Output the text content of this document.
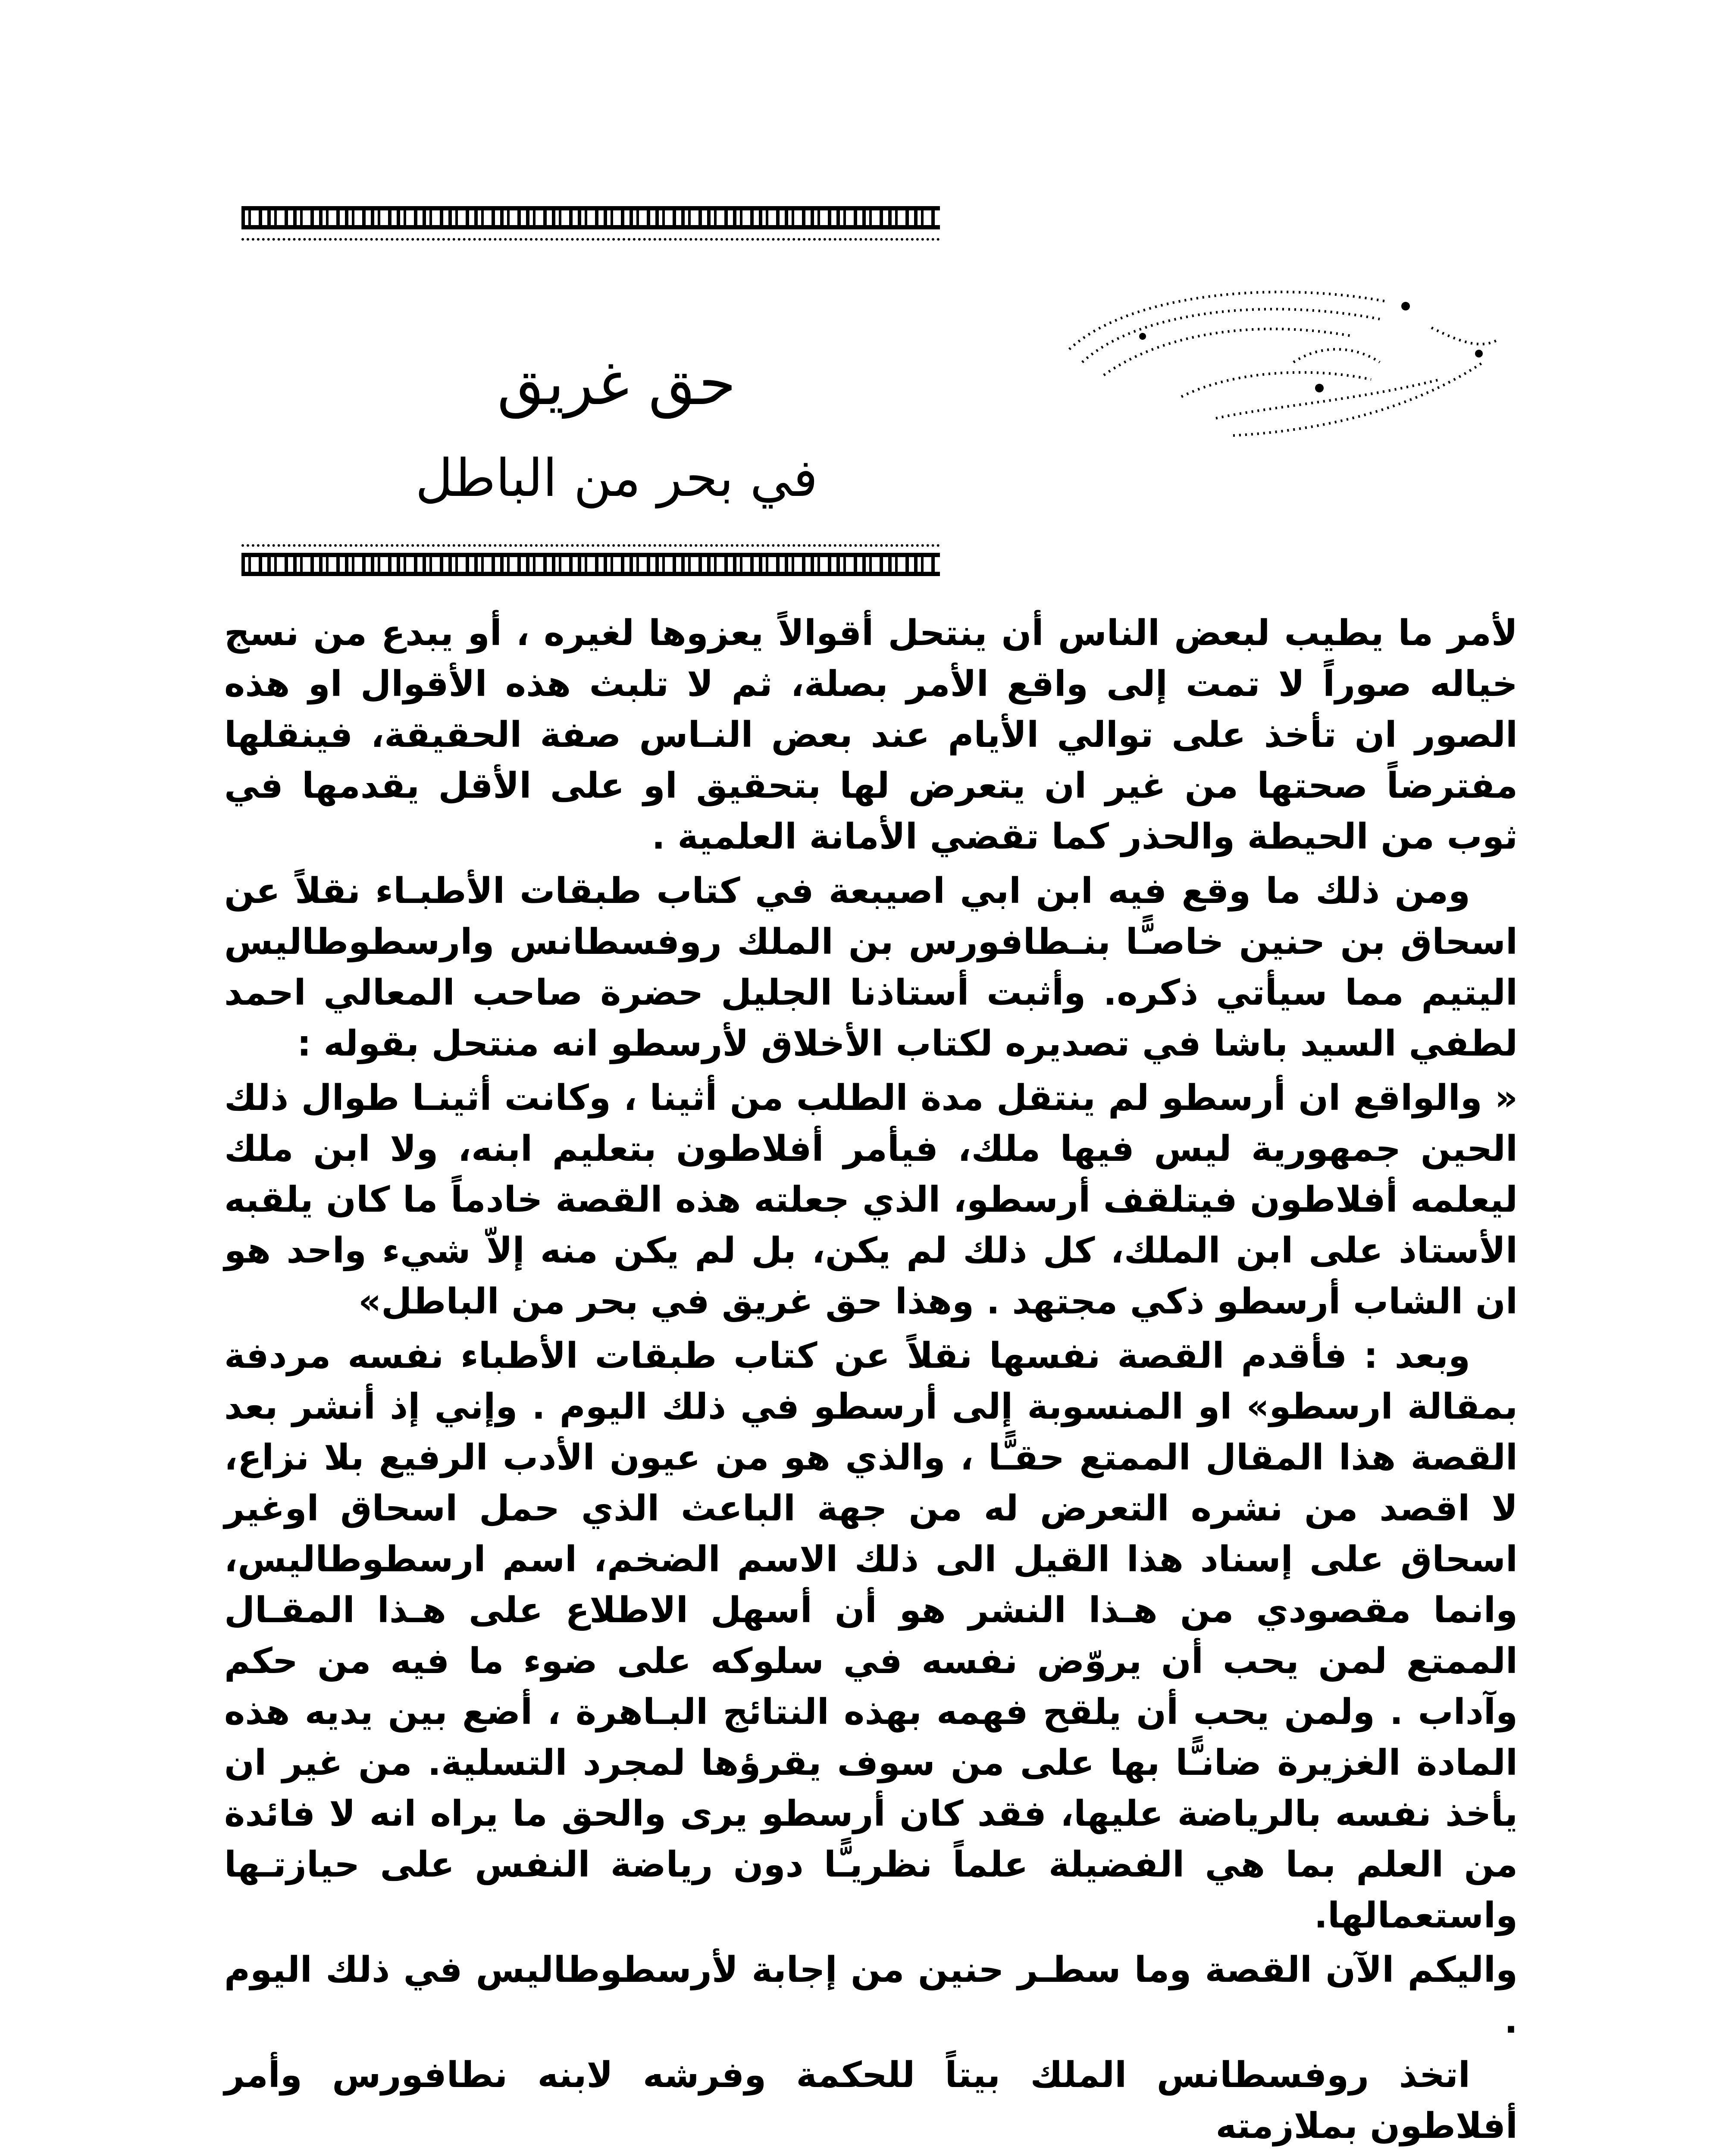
حق غريق
في بحر من الباطل

لأمر ما يطيب لبعض الناس أن ينتحل أقوالاً يعزوها لغيره ، أو يبدع من نسج خياله صوراً لا تمت إلى واقع الأمر بصلة، ثم لا تلبث هذه الأقوال او هذه الصور ان تأخذ على توالي الأيام عند بعض النـاس صفة الحقيقة، فينقلها مفترضاً صحتها من غير ان يتعرض لها بتحقيق او على الأقل يقدمها في ثوب من الحيطة والحذر كما تقضي الأمانة العلمية .

ومن ذلك ما وقع فيه ابن ابي اصيبعة في كتاب طبقات الأطبـاء نقلاً عن اسحاق بن حنين خاصـًّا بنـطافورس بن الملك روفسطانس وارسطوطاليس اليتيم مما سيأتي ذكره. وأثبت أستاذنا الجليل حضرة صاحب المعالي احمد لطفي السيد باشا في تصديره لكتاب الأخلاق لأرسطو انه منتحل بقوله :

« والواقع ان أرسطو لم ينتقل مدة الطلب من أثينا ، وكانت أثينـا طوال ذلك الحين جمهورية ليس فيها ملك، فيأمر أفلاطون بتعليم ابنه، ولا ابن ملك ليعلمه أفلاطون فيتلقف أرسطو، الذي جعلته هذه القصة خادماً ما كان يلقبه الأستاذ على ابن الملك، كل ذلك لم يكن، بل لم يكن منه إلاّ شيء واحد هو ان الشاب أرسطو ذكي مجتهد . وهذا حق غريق في بحر من الباطل»

وبعد : فأقدم القصة نفسها نقلاً عن كتاب طبقات الأطباء نفسه مردفة بمقالة ارسطو» او المنسوبة إلى أرسطو في ذلك اليوم . وإني إذ أنشر بعد القصة هذا المقال الممتع حقـًّا ، والذي هو من عيون الأدب الرفيع بلا نزاع، لا اقصد من نشره التعرض له من جهة الباعث الذي حمل اسحاق اوغير اسحاق على إسناد هذا القيل الى ذلك الاسم الضخم، اسم ارسطوطاليس، وانما مقصودي من هـذا النشر هو أن أسهل الاطلاع على هـذا المقـال الممتع لمن يحب أن يروّض نفسه في سلوكه على ضوء ما فيه من حكم وآداب . ولمن يحب أن يلقح فهمه بهذه النتائج البـاهرة ، أضع بين يديه هذه المادة الغزيرة ضانـًّا بها على من سوف يقرؤها لمجرد التسلية. من غير ان يأخذ نفسه بالرياضة عليها، فقد كان أرسطو يرى والحق ما يراه انه لا فائدة من العلم بما هي الفضيلة علماً نظريـًّا دون رياضة النفس على حيازتـها واستعمالها.

واليكم الآن القصة وما سطـر حنين من إجابة لأرسطوطاليس في ذلك اليوم .

اتخذ روفسطانس الملك بيتاً للحكمة وفرشه لابنه نطافورس وأمر أفلاطون بملازمته
